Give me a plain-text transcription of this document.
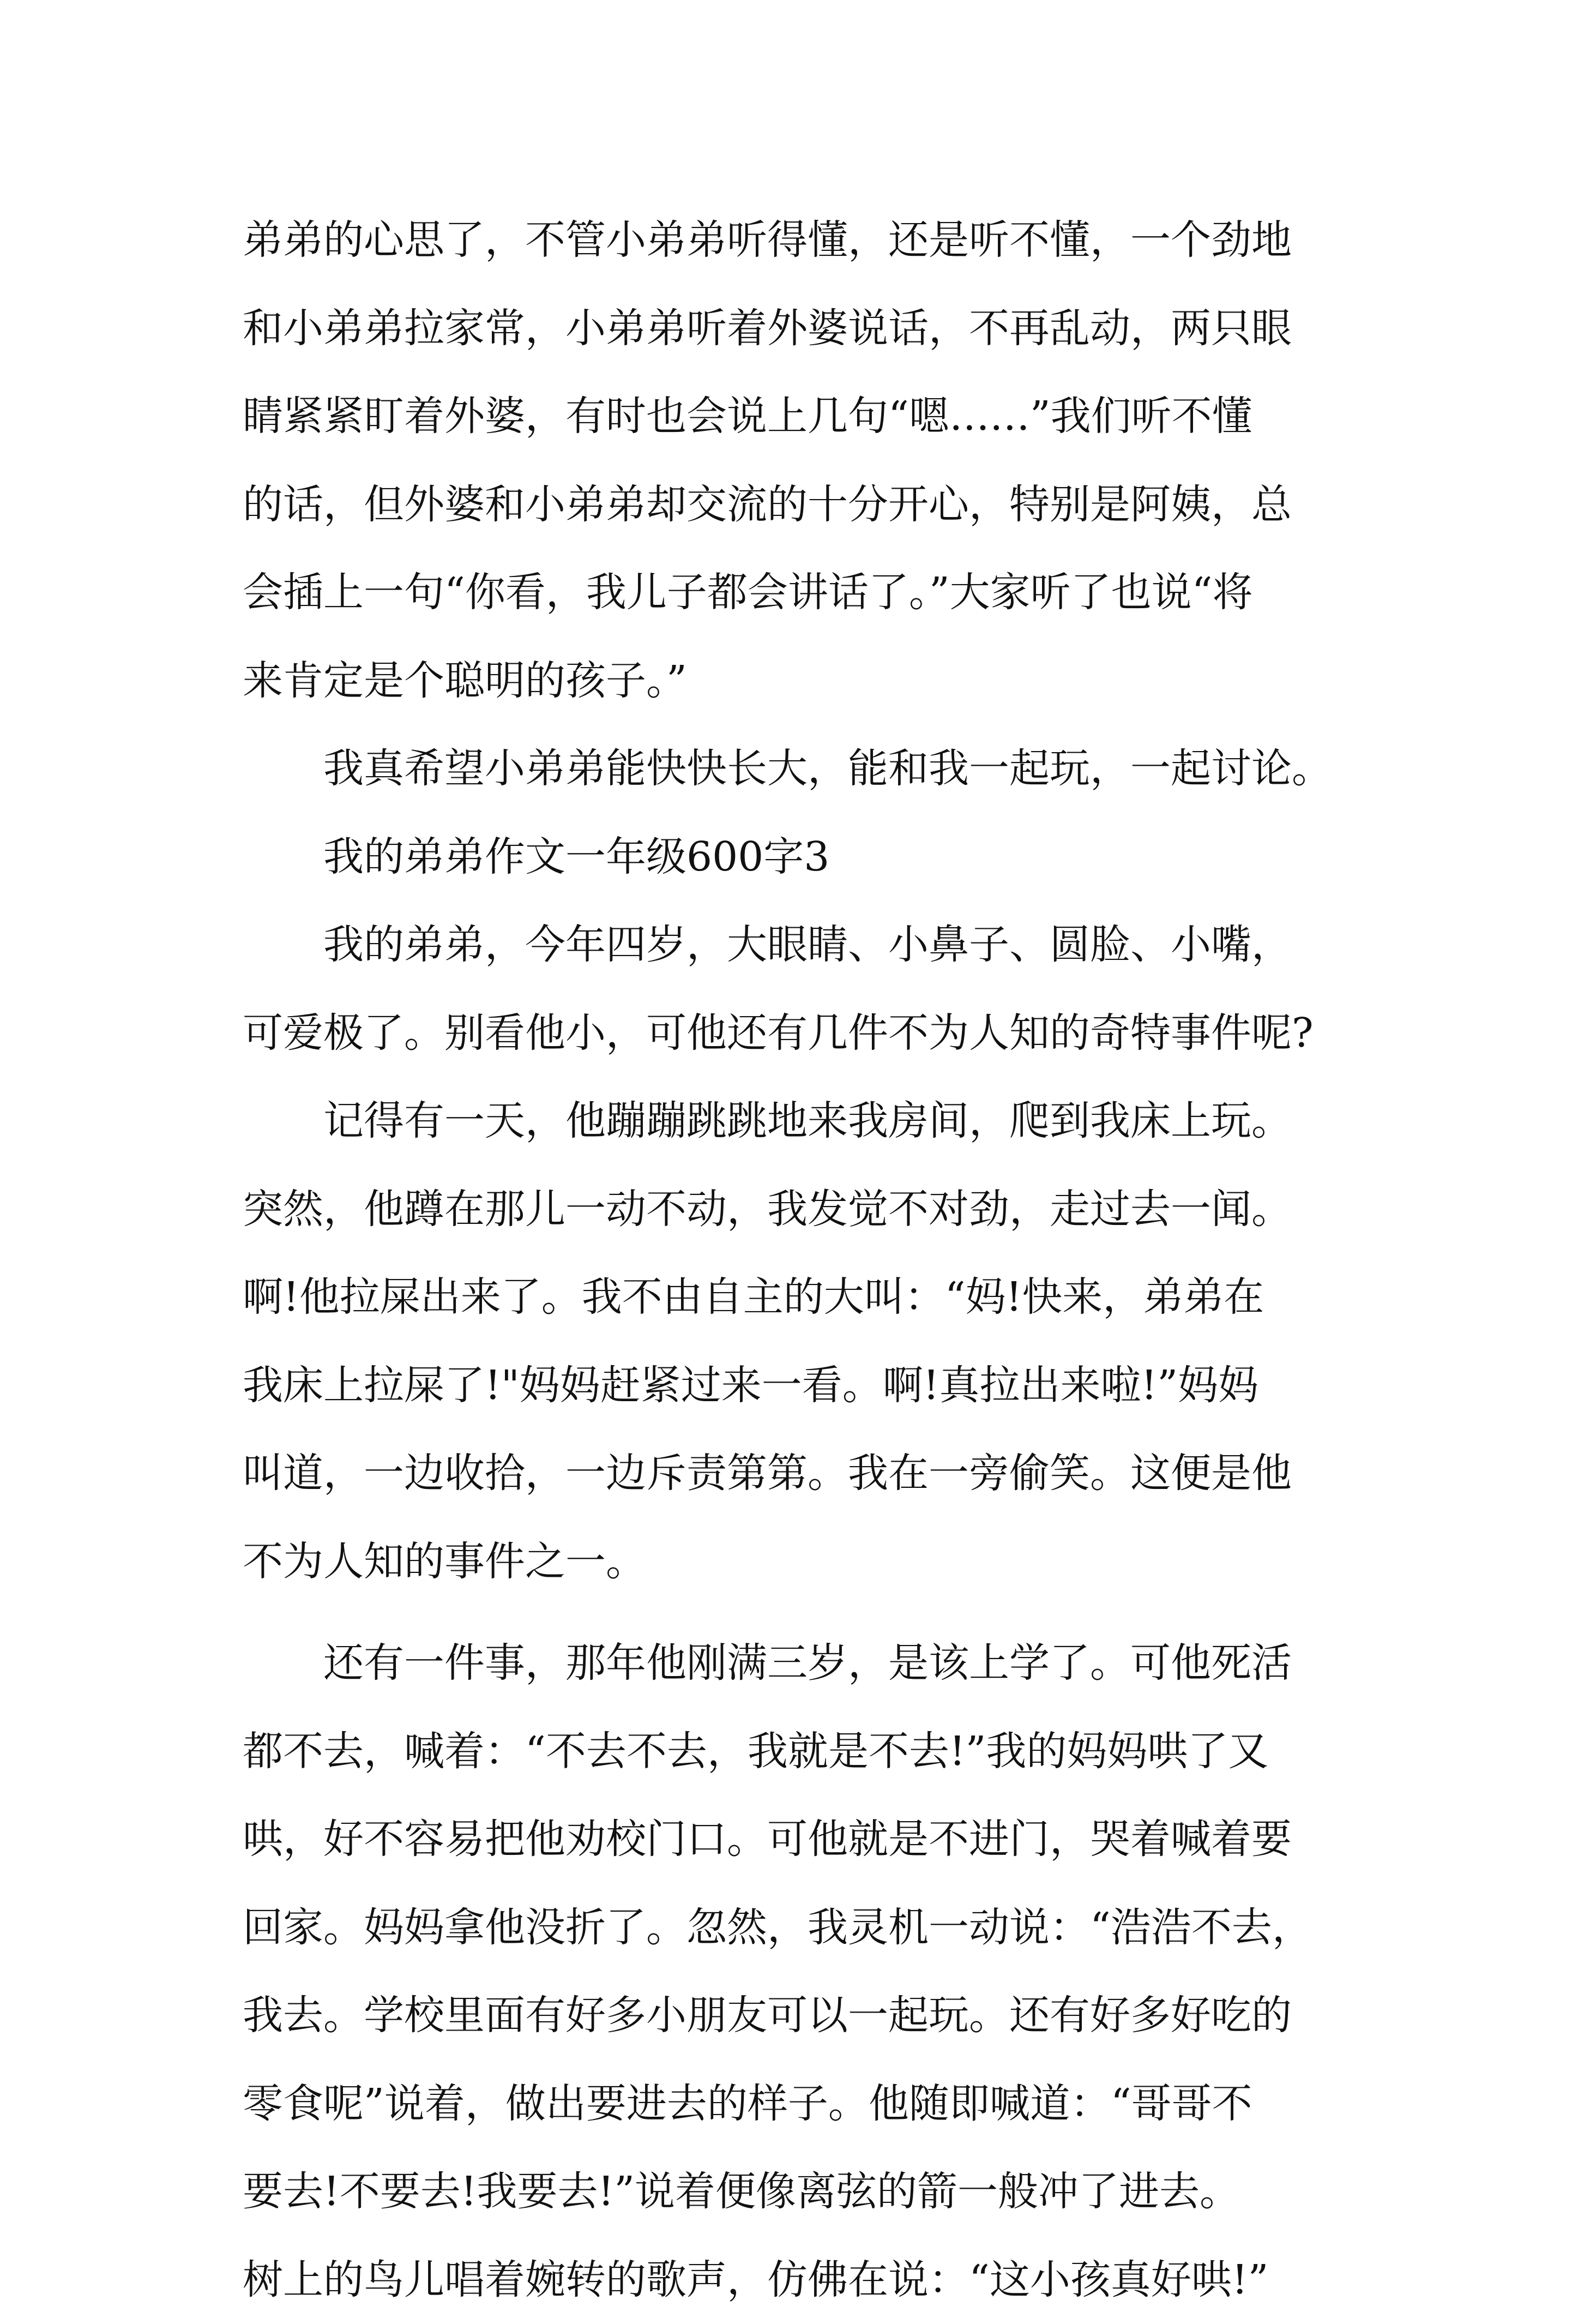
弟弟的心思了，不管小弟弟听得懂，还是听不懂，一个劲地
和小弟弟拉家常，小弟弟听着外婆说话，不再乱动，两只眼
睛紧紧盯着外婆，有时也会说上几句“嗯……”我们听不懂
的话，但外婆和小弟弟却交流的十分开心，特别是阿姨，总
会插上一句“你看，我儿子都会讲话了。”大家听了也说“将
来肯定是个聪明的孩子。”
我真希望小弟弟能快快长大，能和我一起玩，一起讨论。
我的弟弟作文一年级600字3
我的弟弟，今年四岁，大眼睛、小鼻子、圆脸、小嘴，
可爱极了。别看他小，可他还有几件不为人知的奇特事件呢?
记得有一天，他蹦蹦跳跳地来我房间，爬到我床上玩。
突然，他蹲在那儿一动不动，我发觉不对劲，走过去一闻。
啊!他拉屎出来了。我不由自主的大叫：“妈!快来，弟弟在
我床上拉屎了!"妈妈赶紧过来一看。啊!真拉出来啦!”妈妈
叫道，一边收拾，一边斥责第第。我在一旁偷笑。这便是他
不为人知的事件之一。
还有一件事，那年他刚满三岁，是该上学了。可他死活
都不去，喊着：“不去不去，我就是不去!”我的妈妈哄了又
哄，好不容易把他劝校门口。可他就是不进门，哭着喊着要
回家。妈妈拿他没折了。忽然，我灵机一动说：“浩浩不去，
我去。学校里面有好多小朋友可以一起玩。还有好多好吃的
零食呢”说着，做出要进去的样子。他随即喊道：“哥哥不
要去!不要去!我要去!”说着便像离弦的箭一般冲了进去。
树上的鸟儿唱着婉转的歌声，仿佛在说：“这小孩真好哄!”
